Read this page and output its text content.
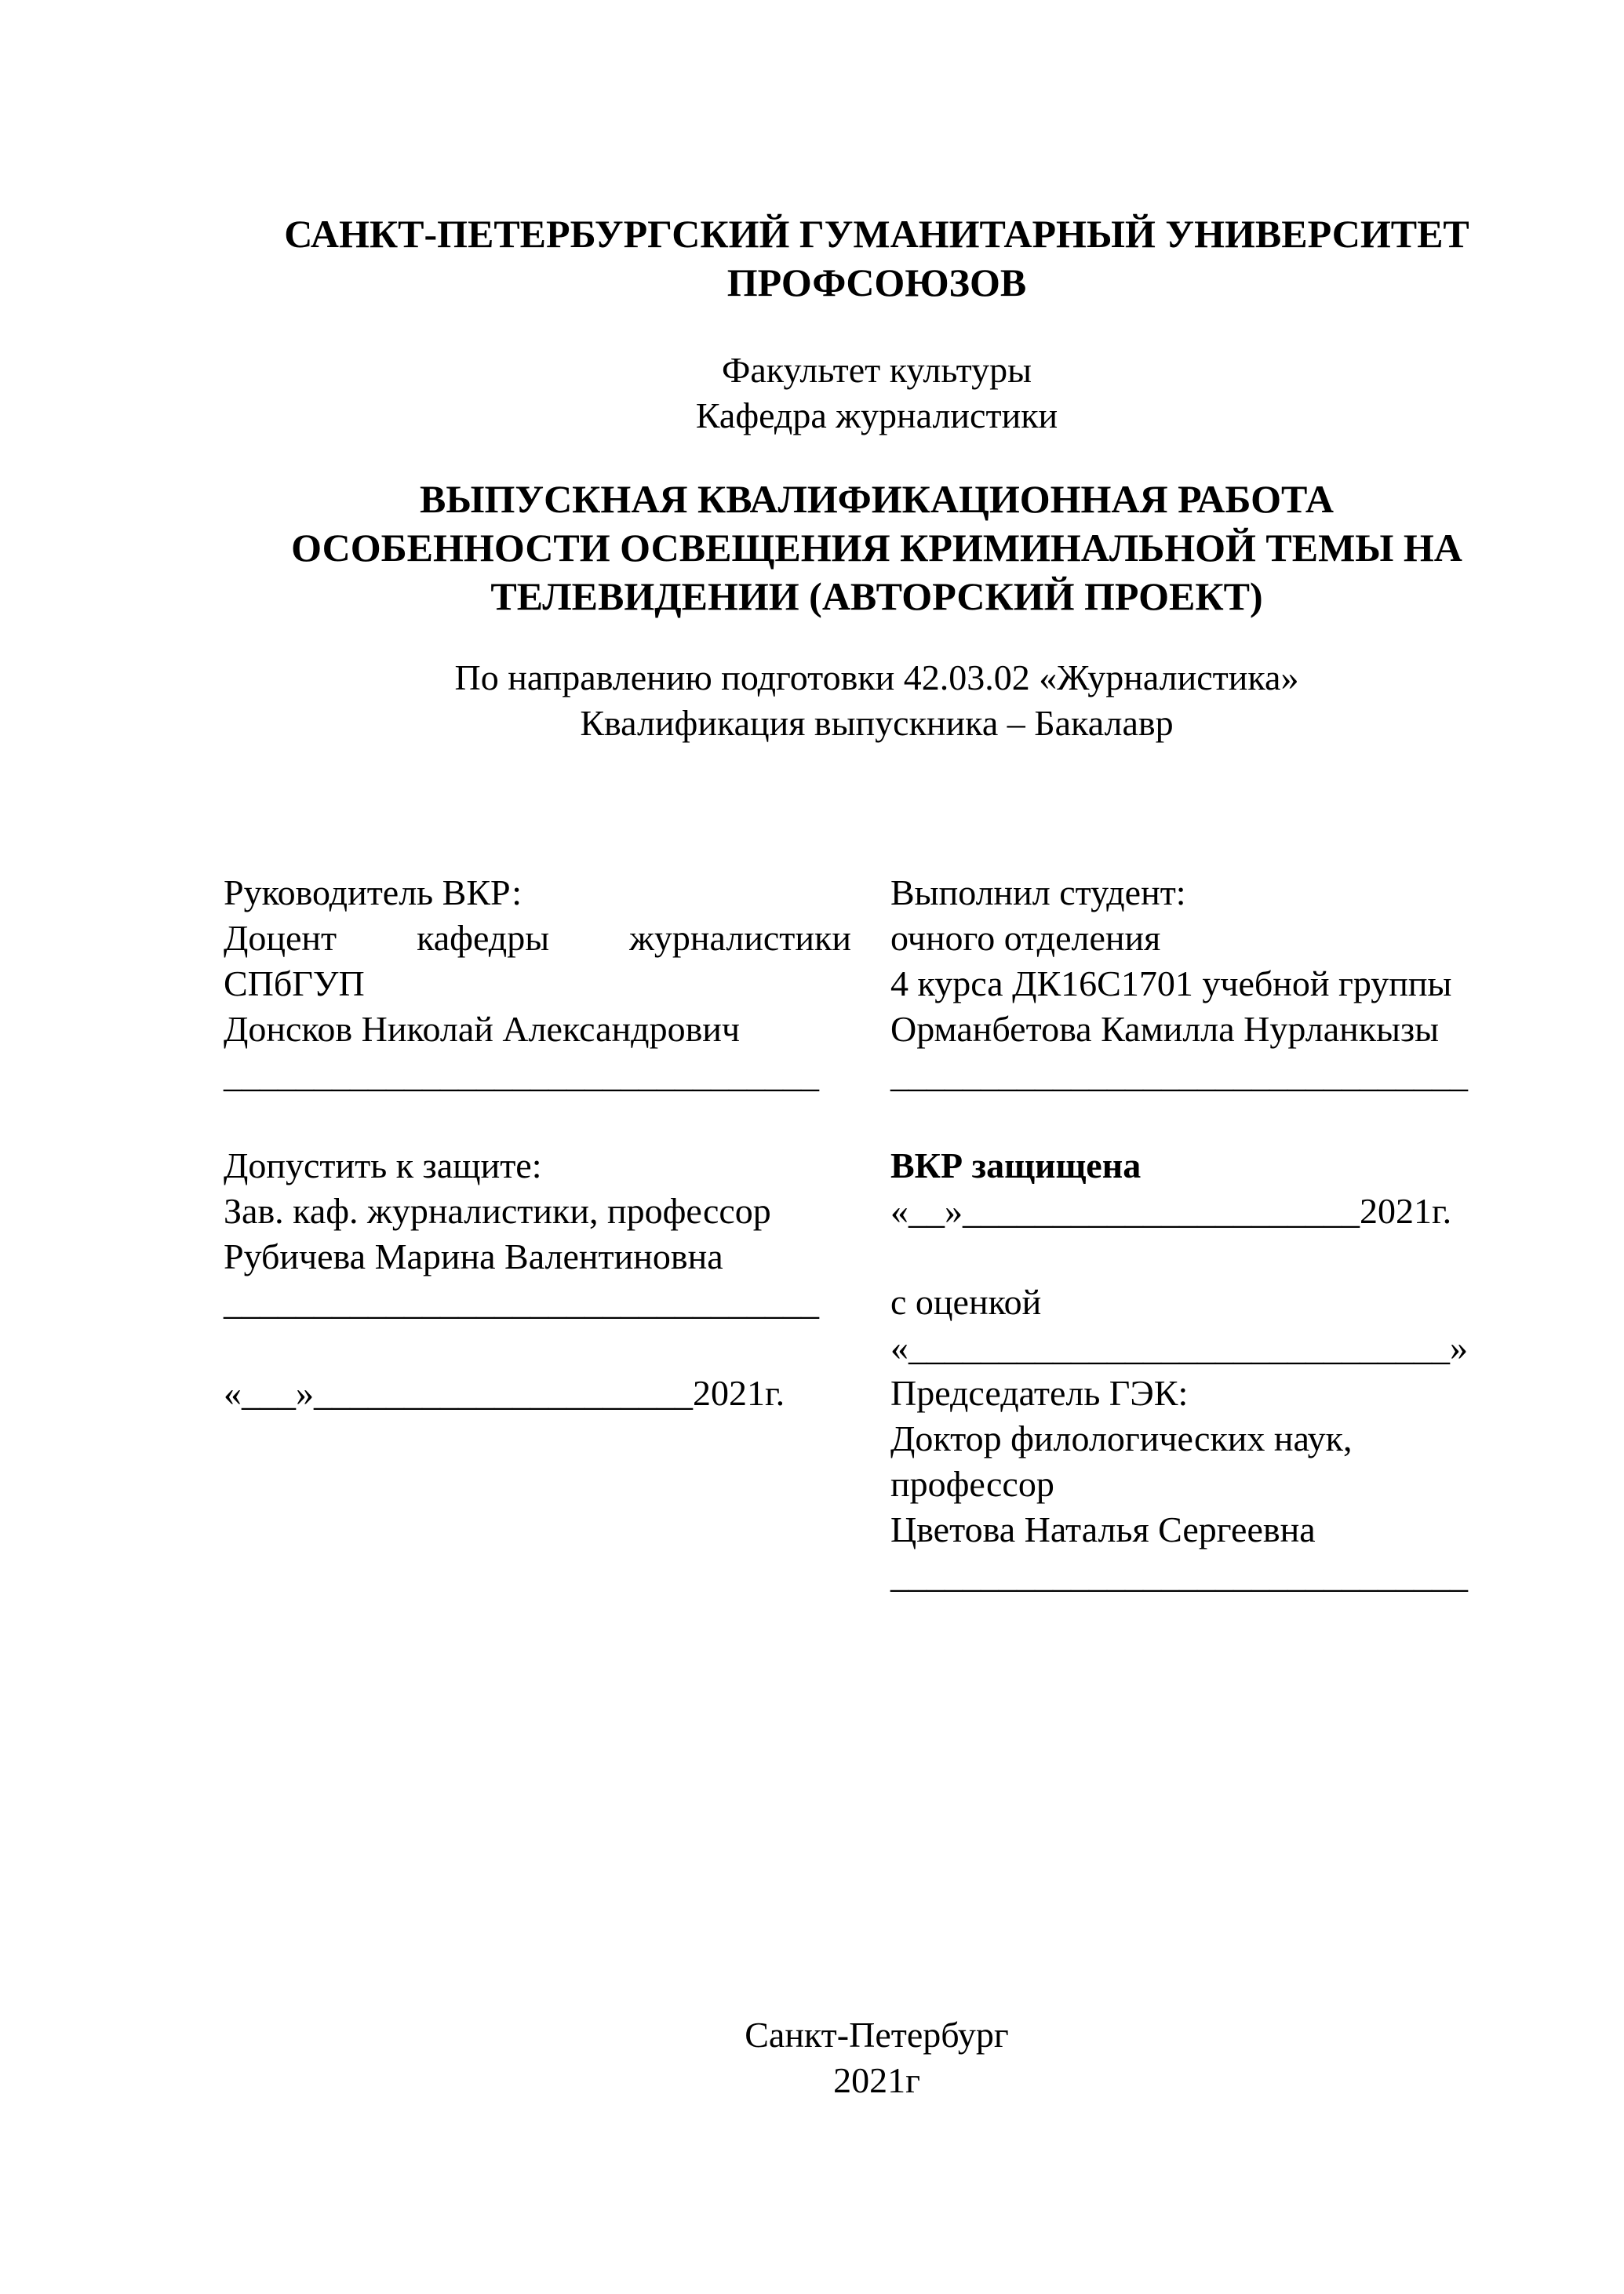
САНКТ-ПЕТЕРБУРГСКИЙ ГУМАНИТАРНЫЙ УНИВЕРСИТЕТ
ПРОФСОЮЗОВ
Факультет культуры
Кафедра журналистики
ВЫПУСКНАЯ КВАЛИФИКАЦИОННАЯ РАБОТА
ОСОБЕННОСТИ ОСВЕЩЕНИЯ КРИМИНАЛЬНОЙ ТЕМЫ НА
ТЕЛЕВИДЕНИИ (АВТОРСКИЙ ПРОЕКТ)
По направлению подготовки 42.03.02 «Журналистика»
Квалификация выпускника – Бакалавр
Руководитель ВКР:
Доцент кафедры журналистики
СПбГУП
Донсков Николай Александрович
_________________________________
Допустить к защите:
Зав. каф. журналистики, профессор
Рубичева Марина Валентиновна
_________________________________
«___»_____________________2021г.
Выполнил студент:
очного отделения
4 курса ДК16С1701 учебной группы
Орманбетова Камилла Нурланкызы
________________________________
ВКР защищена
«__»______________________2021г.
с оценкой
«______________________________»
Председатель ГЭК:
Доктор филологических наук,
профессор
Цветова Наталья Сергеевна
________________________________
Санкт-Петербург
2021г
